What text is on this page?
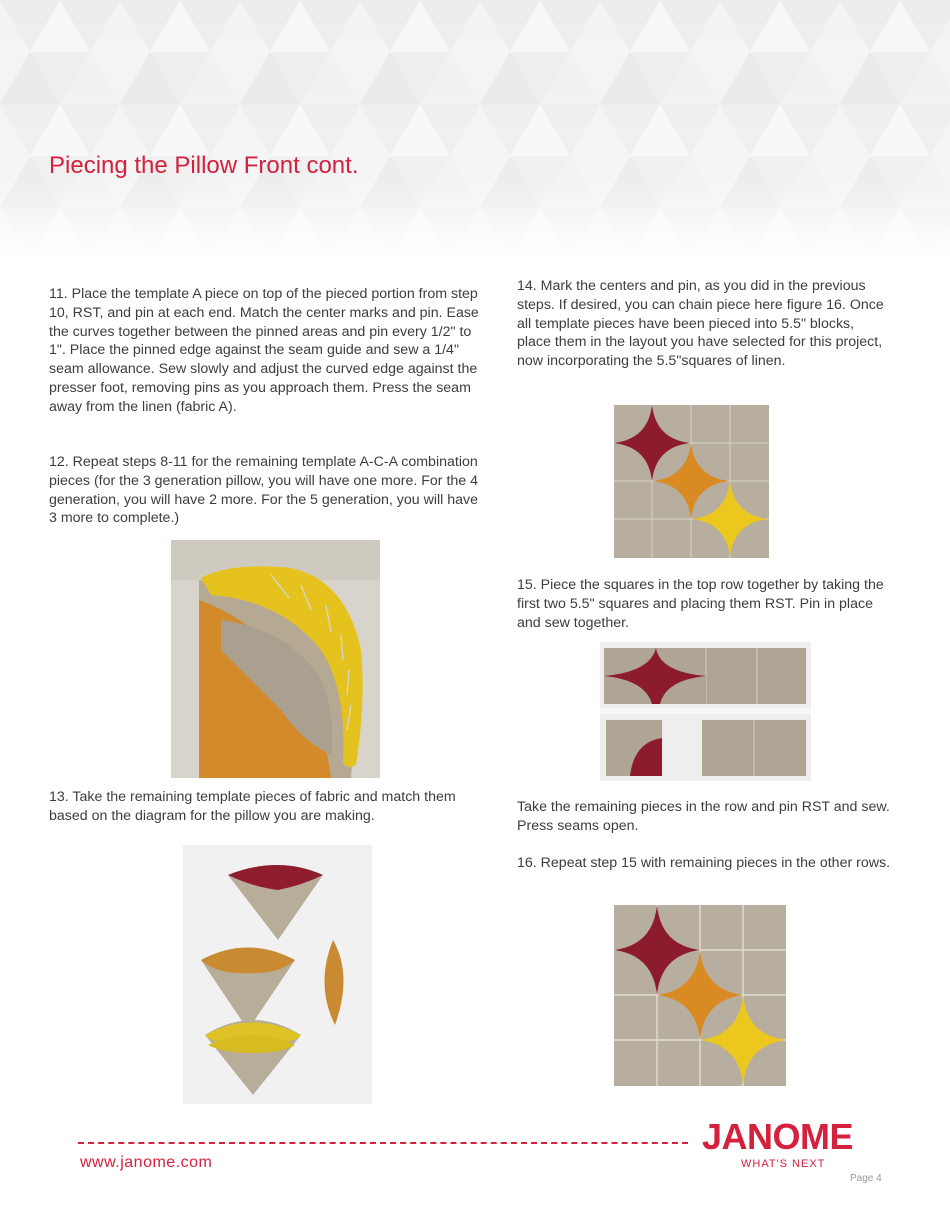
Piecing the Pillow Front cont.

11. Place the template A piece on top of the pieced portion from step 10, RST, and pin at each end. Match the center marks and pin. Ease the curves together between the pinned areas and pin every 1/2" to 1". Place the pinned edge against the seam guide and sew a 1/4" seam allowance. Sew slowly and adjust the curved edge against the presser foot, removing pins as you approach them. Press the seam away from the linen (fabric A).

12. Repeat steps 8-11 for the remaining template A-C-A combination pieces (for the 3 generation pillow, you will have one more. For the 4 generation, you will have 2 more. For the 5 generation, you will have 3 more to complete.)

13. Take the remaining template pieces of fabric and match them based on the diagram for the pillow you are making.

14. Mark the centers and pin, as you did in the previous steps. If desired, you can chain piece here figure 16. Once all template pieces have been pieced into 5.5" blocks, place them in the layout you have selected for this project, now incorporating the 5.5"squares of linen.

15. Piece the squares in the top row together by taking the first two 5.5" squares and placing them RST. Pin in place and sew together.

Take the remaining pieces in the row and pin RST and sew. Press seams open.

16. Repeat step 15 with remaining pieces in the other rows.

www.janome.com
JANOME
WHAT'S NEXT
Page 4
